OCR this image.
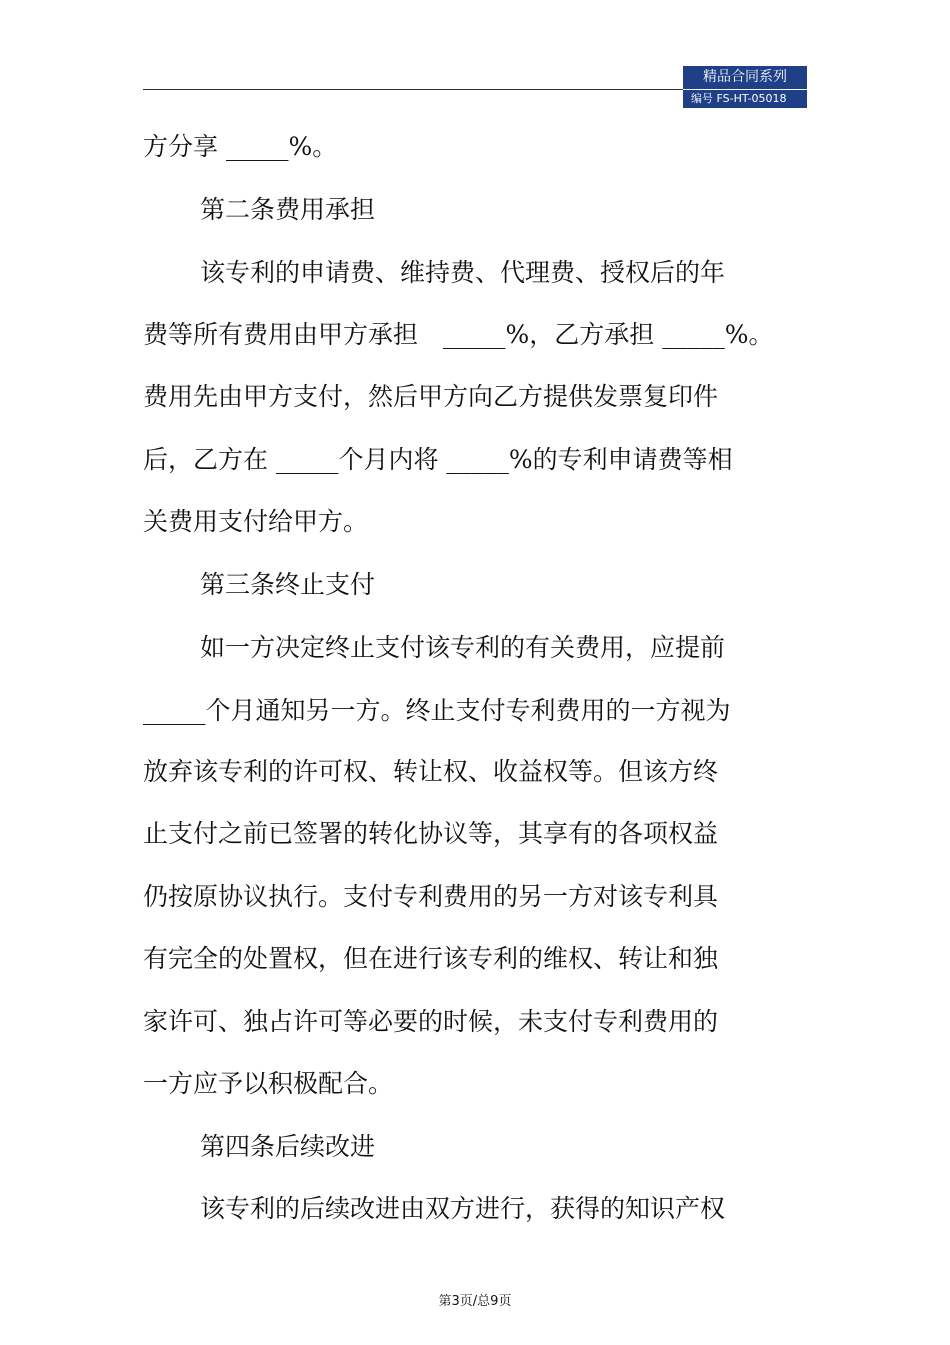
精品合同系列
编号 FS-HT-05018
方分享 _____%。
第二条费用承担
该专利的申请费、维持费、代理费、授权后的年
费等所有费用由甲方承担　_____%，乙方承担 _____%。
费用先由甲方支付，然后甲方向乙方提供发票复印件
后，乙方在 _____个月内将 _____%的专利申请费等相
关费用支付给甲方。
第三条终止支付
如一方决定终止支付该专利的有关费用，应提前
_____个月通知另一方。终止支付专利费用的一方视为
放弃该专利的许可权、转让权、收益权等。但该方终
止支付之前已签署的转化协议等，其享有的各项权益
仍按原协议执行。支付专利费用的另一方对该专利具
有完全的处置权，但在进行该专利的维权、转让和独
家许可、独占许可等必要的时候，未支付专利费用的
一方应予以积极配合。
第四条后续改进
该专利的后续改进由双方进行，获得的知识产权
第3页/总9页
